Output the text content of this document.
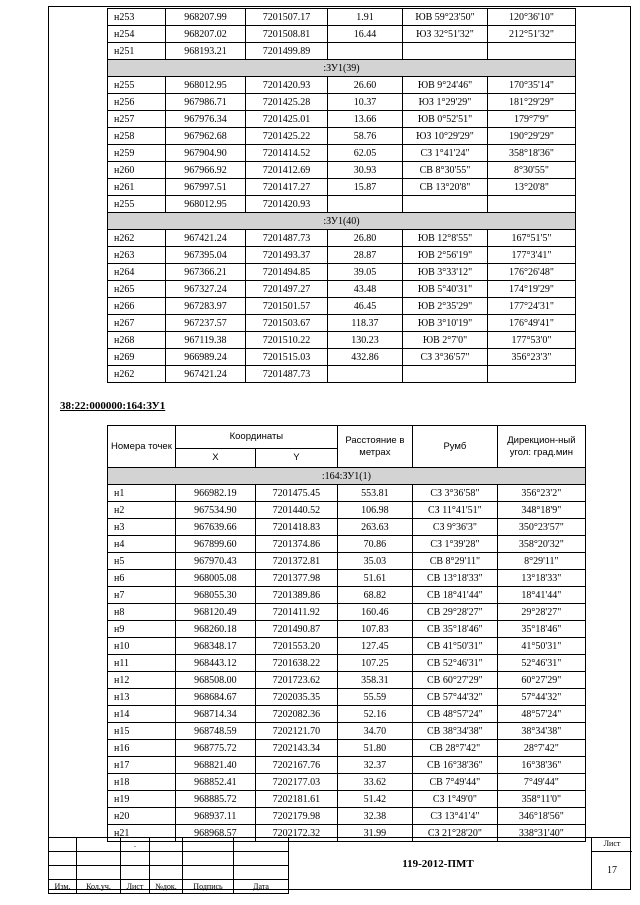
н253	968207.99	7201507.17	1.91	ЮВ 59°23'50"	120°36'10"
н254	968207.02	7201508.81	16.44	ЮЗ 32°51'32"	212°51'32"
н251	968193.21	7201499.89			
:ЗУ1(39)					
н255	968012.95	7201420.93	26.60	ЮВ 9°24'46"	170°35'14"
н256	967986.71	7201425.28	10.37	ЮЗ 1°29'29"	181°29'29"
н257	967976.34	7201425.01	13.66	ЮВ 0°52'51"	179°7'9"
н258	967962.68	7201425.22	58.76	ЮЗ 10°29'29"	190°29'29"
н259	967904.90	7201414.52	62.05	СЗ 1°41'24"	358°18'36"
н260	967966.92	7201412.69	30.93	СВ 8°30'55"	8°30'55"
н261	967997.51	7201417.27	15.87	СВ 13°20'8"	13°20'8"
н255	968012.95	7201420.93			
:ЗУ1(40)					
н262	967421.24	7201487.73	26.80	ЮВ 12°8'55"	167°51'5"
н263	967395.04	7201493.37	28.87	ЮВ 2°56'19"	177°3'41"
н264	967366.21	7201494.85	39.05	ЮВ 3°33'12"	176°26'48"
н265	967327.24	7201497.27	43.48	ЮВ 5°40'31"	174°19'29"
н266	967283.97	7201501.57	46.45	ЮВ 2°35'29"	177°24'31"
н267	967237.57	7201503.67	118.37	ЮВ 3°10'19"	176°49'41"
н268	967119.38	7201510.22	130.23	ЮВ 2°7'0"	177°53'0"
н269	966989.24	7201515.03	432.86	СЗ 3°36'57"	356°23'3"
н262	967421.24	7201487.73			
38:22:000000:164:ЗУ1
Номера точек	Координаты		Расстояние в метрах	Румб	Дирекцион-ный угол: град.мин
	X	Y			
:164:ЗУ1(1)					
н1	966982.19	7201475.45	553.81	СЗ 3°36'58"	356°23'2"
н2	967534.90	7201440.52	106.98	СЗ 11°41'51"	348°18'9"
н3	967639.66	7201418.83	263.63	СЗ 9°36'3"	350°23'57"
н4	967899.60	7201374.86	70.86	СЗ 1°39'28"	358°20'32"
н5	967970.43	7201372.81	35.03	СВ 8°29'11"	8°29'11"
н6	968005.08	7201377.98	51.61	СВ 13°18'33"	13°18'33"
н7	968055.30	7201389.86	68.82	СВ 18°41'44"	18°41'44"
н8	968120.49	7201411.92	160.46	СВ 29°28'27"	29°28'27"
н9	968260.18	7201490.87	107.83	СВ 35°18'46"	35°18'46"
н10	968348.17	7201553.20	127.45	СВ 41°50'31"	41°50'31"
н11	968443.12	7201638.22	107.25	СВ 52°46'31"	52°46'31"
н12	968508.00	7201723.62	358.31	СВ 60°27'29"	60°27'29"
н13	968684.67	7202035.35	55.59	СВ 57°44'32"	57°44'32"
н14	968714.34	7202082.36	52.16	СВ 48°57'24"	48°57'24"
н15	968748.59	7202121.70	34.70	СВ 38°34'38"	38°34'38"
н16	968775.72	7202143.34	51.80	СВ 28°7'42"	28°7'42"
н17	968821.40	7202167.76	32.37	СВ 16°38'36"	16°38'36"
н18	968852.41	7202177.03	33.62	СВ 7°49'44"	7°49'44"
н19	968885.72	7202181.61	51.42	СЗ 1°49'0"	358°11'0"
н20	968937.11	7202179.98	32.38	СЗ 13°41'4"	346°18'56"
н21	968968.57	7202172.32	31.99	СЗ 21°28'20"	338°31'40"
		.			

Изм.	Кол.уч.	Лист	№док.	Подпись	Дата
119-2012-ПМТ
Лист
17
